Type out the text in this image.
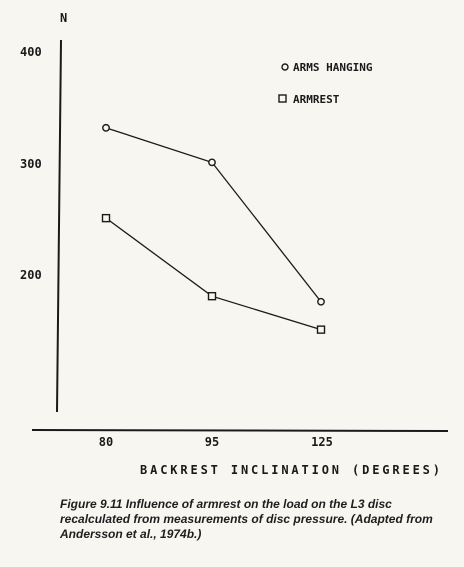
N
400
300
200
80	95	125
BACKREST INCLINATION (DEGREES)
ARMS HANGING
ARMREST
Figure 9.11 Influence of armrest on the load on the L3 disc recalculated from measurements of disc pressure. (Adapted from Andersson et al., 1974b.)
